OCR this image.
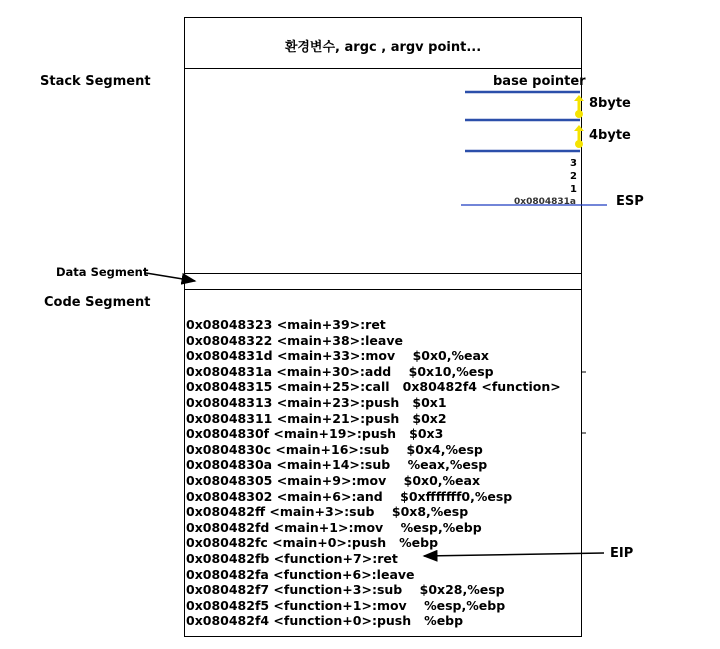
환경변수, argc , argv point...
Stack Segment
Data Segment
Code Segment
base pointer
8byte
4byte
3
2
1
0x0804831a	ESP
0x08048323 <main+39>:ret
0x08048322 <main+38>:leave
0x0804831d <main+33>:mov    $0x0,%eax
0x0804831a <main+30>:add    $0x10,%esp
0x08048315 <main+25>:call   0x80482f4 <function>
0x08048313 <main+23>:push   $0x1
0x08048311 <main+21>:push   $0x2
0x0804830f <main+19>:push   $0x3
0x0804830c <main+16>:sub    $0x4,%esp
0x0804830a <main+14>:sub    %eax,%esp
0x08048305 <main+9>:mov    $0x0,%eax
0x08048302 <main+6>:and    $0xfffffff0,%esp
0x080482ff <main+3>:sub    $0x8,%esp
0x080482fd <main+1>:mov    %esp,%ebp
0x080482fc <main+0>:push   %ebp
0x080482fb <function+7>:ret
0x080482fa <function+6>:leave
0x080482f7 <function+3>:sub    $0x28,%esp
0x080482f5 <function+1>:mov    %esp,%ebp
0x080482f4 <function+0>:push   %ebp
EIP
